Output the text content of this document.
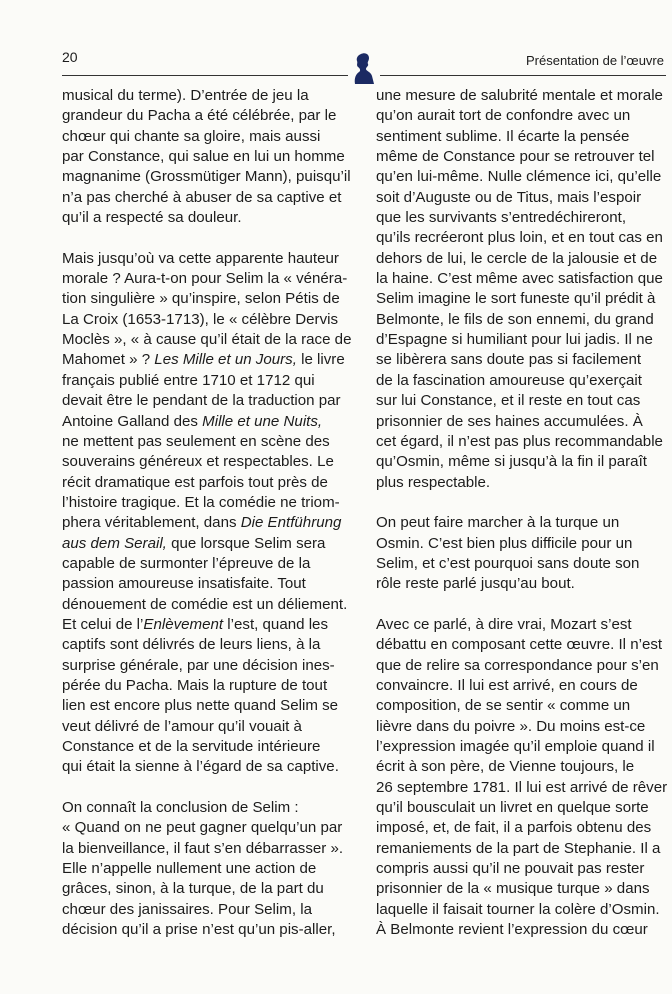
20	Présentation de l’œuvre
musical du terme). D’entrée de jeu la
grandeur du Pacha a été célébrée, par le
chœur qui chante sa gloire, mais aussi
par Constance, qui salue en lui un homme
magnanime (Grossmütiger Mann), puisqu’il
n’a pas cherché à abuser de sa captive et
qu’il a respecté sa douleur.
Mais jusqu’où va cette apparente hauteur
morale ? Aura-t-on pour Selim la « vénéra-
tion singulière » qu’inspire, selon Pétis de
La Croix (1653-1713), le « célèbre Dervis
Moclès », « à cause qu’il était de la race de
Mahomet » ? Les Mille et un Jours, le livre
français publié entre 1710 et 1712 qui
devait être le pendant de la traduction par
Antoine Galland des Mille et une Nuits,
ne mettent pas seulement en scène des
souverains généreux et respectables. Le
récit dramatique est parfois tout près de
l’histoire tragique. Et la comédie ne triom-
phera véritablement, dans Die Entführung
aus dem Serail, que lorsque Selim sera
capable de surmonter l’épreuve de la
passion amoureuse insatisfaite. Tout
dénouement de comédie est un déliement.
Et celui de l’Enlèvement l’est, quand les
captifs sont délivrés de leurs liens, à la
surprise générale, par une décision ines-
pérée du Pacha. Mais la rupture de tout
lien est encore plus nette quand Selim se
veut délivré de l’amour qu’il vouait à
Constance et de la servitude intérieure
qui était la sienne à l’égard de sa captive.
On connaît la conclusion de Selim :
« Quand on ne peut gagner quelqu’un par
la bienveillance, il faut s’en débarrasser ».
Elle n’appelle nullement une action de
grâces, sinon, à la turque, de la part du
chœur des janissaires. Pour Selim, la
décision qu’il a prise n’est qu’un pis-aller,
une mesure de salubrité mentale et morale
qu’on aurait tort de confondre avec un
sentiment sublime. Il écarte la pensée
même de Constance pour se retrouver tel
qu’en lui-même. Nulle clémence ici, qu’elle
soit d’Auguste ou de Titus, mais l’espoir
que les survivants s’entredéchireront,
qu’ils recréeront plus loin, et en tout cas en
dehors de lui, le cercle de la jalousie et de
la haine. C’est même avec satisfaction que
Selim imagine le sort funeste qu’il prédit à
Belmonte, le fils de son ennemi, du grand
d’Espagne si humiliant pour lui jadis. Il ne
se libèrera sans doute pas si facilement
de la fascination amoureuse qu’exerçait
sur lui Constance, et il reste en tout cas
prisonnier de ses haines accumulées. À
cet égard, il n’est pas plus recommandable
qu’Osmin, même si jusqu’à la fin il paraît
plus respectable.
On peut faire marcher à la turque un
Osmin. C’est bien plus difficile pour un
Selim, et c’est pourquoi sans doute son
rôle reste parlé jusqu’au bout.
Avec ce parlé, à dire vrai, Mozart s’est
débattu en composant cette œuvre. Il n’est
que de relire sa correspondance pour s’en
convaincre. Il lui est arrivé, en cours de
composition, de se sentir « comme un
lièvre dans du poivre ». Du moins est-ce
l’expression imagée qu’il emploie quand il
écrit à son père, de Vienne toujours, le
26 septembre 1781. Il lui est arrivé de rêver
qu’il bousculait un livret en quelque sorte
imposé, et, de fait, il a parfois obtenu des
remaniements de la part de Stephanie. Il a
compris aussi qu’il ne pouvait pas rester
prisonnier de la « musique turque » dans
laquelle il faisait tourner la colère d’Osmin.
À Belmonte revient l’expression du cœur
